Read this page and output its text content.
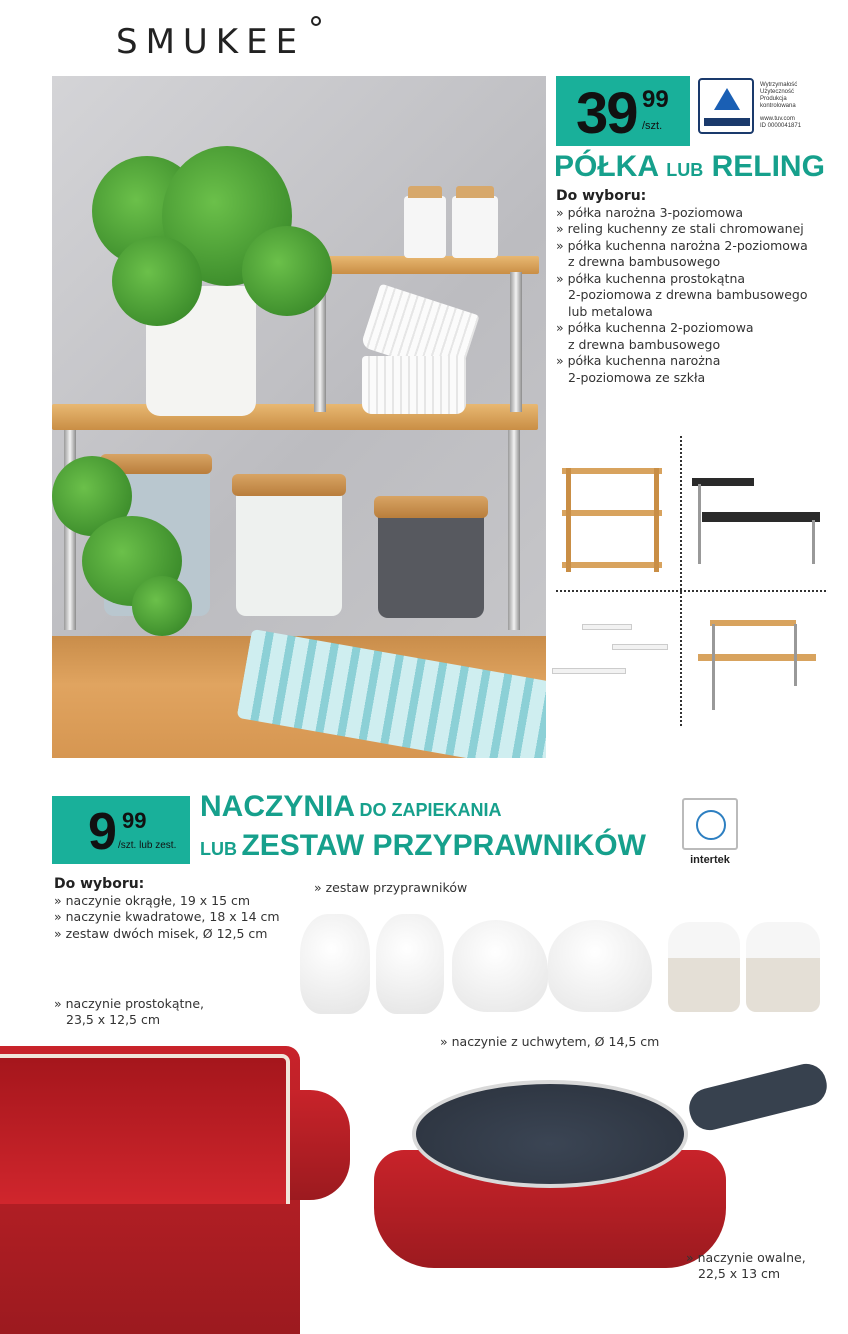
SMUKEE
39 99
/szt.
Wytrzymałość
Użyteczność
Produkcja
kontrolowana
www.tuv.com
ID 0000041871
PÓŁKA LUB RELING
Do wyboru:
» półka narożna 3-poziomowa
» reling kuchenny ze stali chromowanej
» półka kuchenna narożna 2-poziomowa
z drewna bambusowego
» półka kuchenna prostokątna
2-poziomowa z drewna bambusowego
lub metalowa
» półka kuchenna 2-poziomowa
z drewna bambusowego
» półka kuchenna narożna
2-poziomowa ze szkła
9 99
/szt. lub zest.
NACZYNIA DO ZAPIEKANIA
LUB ZESTAW PRZYPRAWNIKÓW	intertek
Do wyboru:
» naczynie okrągłe, 19 x 15 cm
» naczynie kwadratowe, 18 x 14 cm
» zestaw dwóch misek, Ø 12,5 cm
» zestaw przyprawników
» naczynie prostokątne,
23,5 x 12,5 cm
» naczynie z uchwytem, Ø 14,5 cm
» naczynie owalne,
22,5 x 13 cm
